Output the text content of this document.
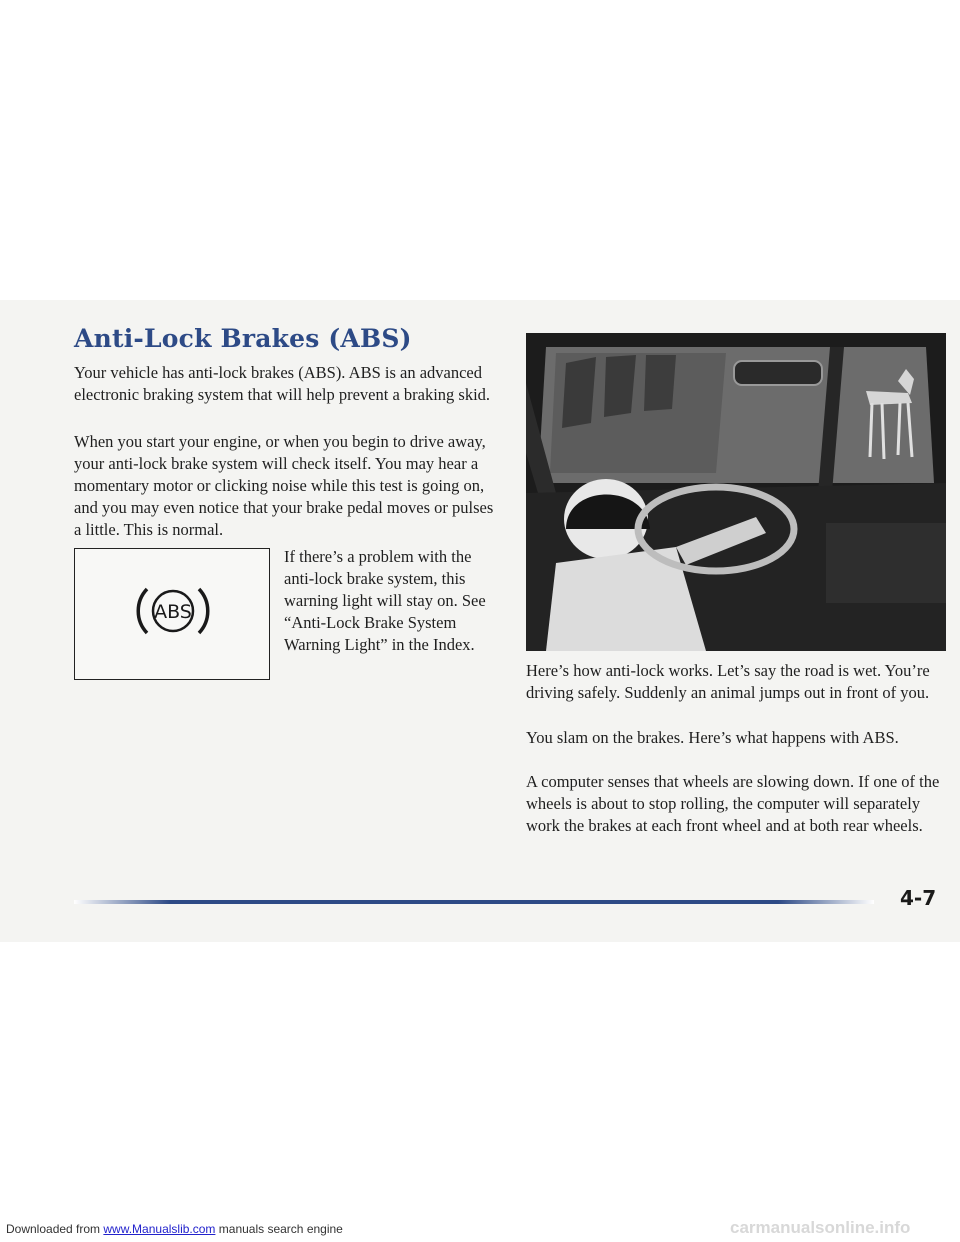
Anti-Lock Brakes (ABS)

Your vehicle has anti-lock brakes (ABS). ABS is an advanced electronic braking system that will help prevent a braking skid.

When you start your engine, or when you begin to drive away, your anti-lock brake system will check itself. You may hear a momentary motor or clicking noise while this test is going on, and you may even notice that your brake pedal moves or pulses a little. This is normal.

ABS

If there’s a problem with the anti-lock brake system, this warning light will stay on. See “Anti-Lock Brake System Warning Light” in the Index.

Here’s how anti-lock works. Let’s say the road is wet. You’re driving safely. Suddenly an animal jumps out in front of you.

You slam on the brakes. Here’s what happens with ABS.

A computer senses that wheels are slowing down. If one of the wheels is about to stop rolling, the computer will separately work the brakes at each front wheel and at both rear wheels.

4-7

Downloaded from www.Manualslib.com manuals search engine	carmanualsonline.info
